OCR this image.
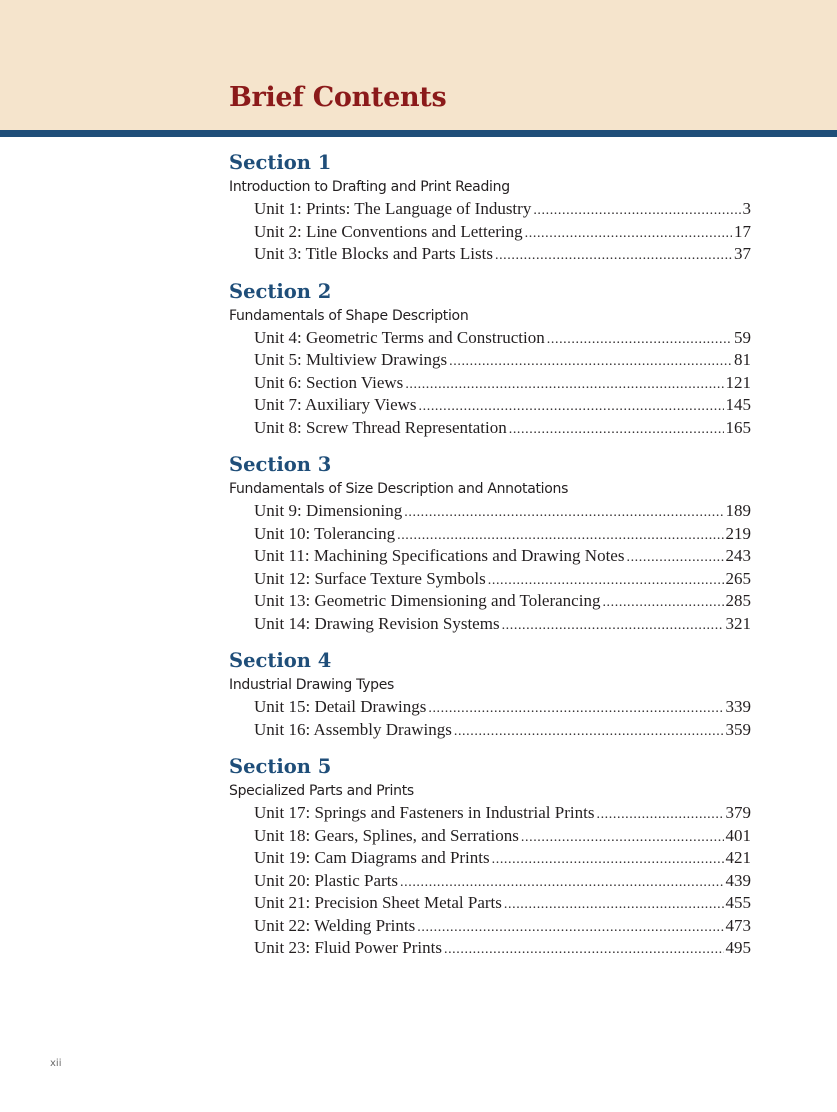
Brief Contents
Section 1
Introduction to Drafting and Print Reading
Unit 1: Prints: The Language of Industry .....	3
Unit 2: Line Conventions and Lettering .....	17
Unit 3: Title Blocks and Parts Lists .....	37
Section 2
Fundamentals of Shape Description
Unit 4: Geometric Terms and Construction .....	59
Unit 5: Multiview Drawings .....	81
Unit 6: Section Views .....	121
Unit 7: Auxiliary Views .....	145
Unit 8: Screw Thread Representation .....	165
Section 3
Fundamentals of Size Description and Annotations
Unit 9: Dimensioning .....	189
Unit 10: Tolerancing .....	219
Unit 11: Machining Specifications and Drawing Notes .....	243
Unit 12: Surface Texture Symbols .....	265
Unit 13: Geometric Dimensioning and Tolerancing .....	285
Unit 14: Drawing Revision Systems .....	321
Section 4
Industrial Drawing Types
Unit 15: Detail Drawings .....	339
Unit 16: Assembly Drawings .....	359
Section 5
Specialized Parts and Prints
Unit 17: Springs and Fasteners in Industrial Prints .....	379
Unit 18: Gears, Splines, and Serrations .....	401
Unit 19: Cam Diagrams and Prints .....	421
Unit 20: Plastic Parts .....	439
Unit 21: Precision Sheet Metal Parts .....	455
Unit 22: Welding Prints .....	473
Unit 23: Fluid Power Prints .....	495
xii
